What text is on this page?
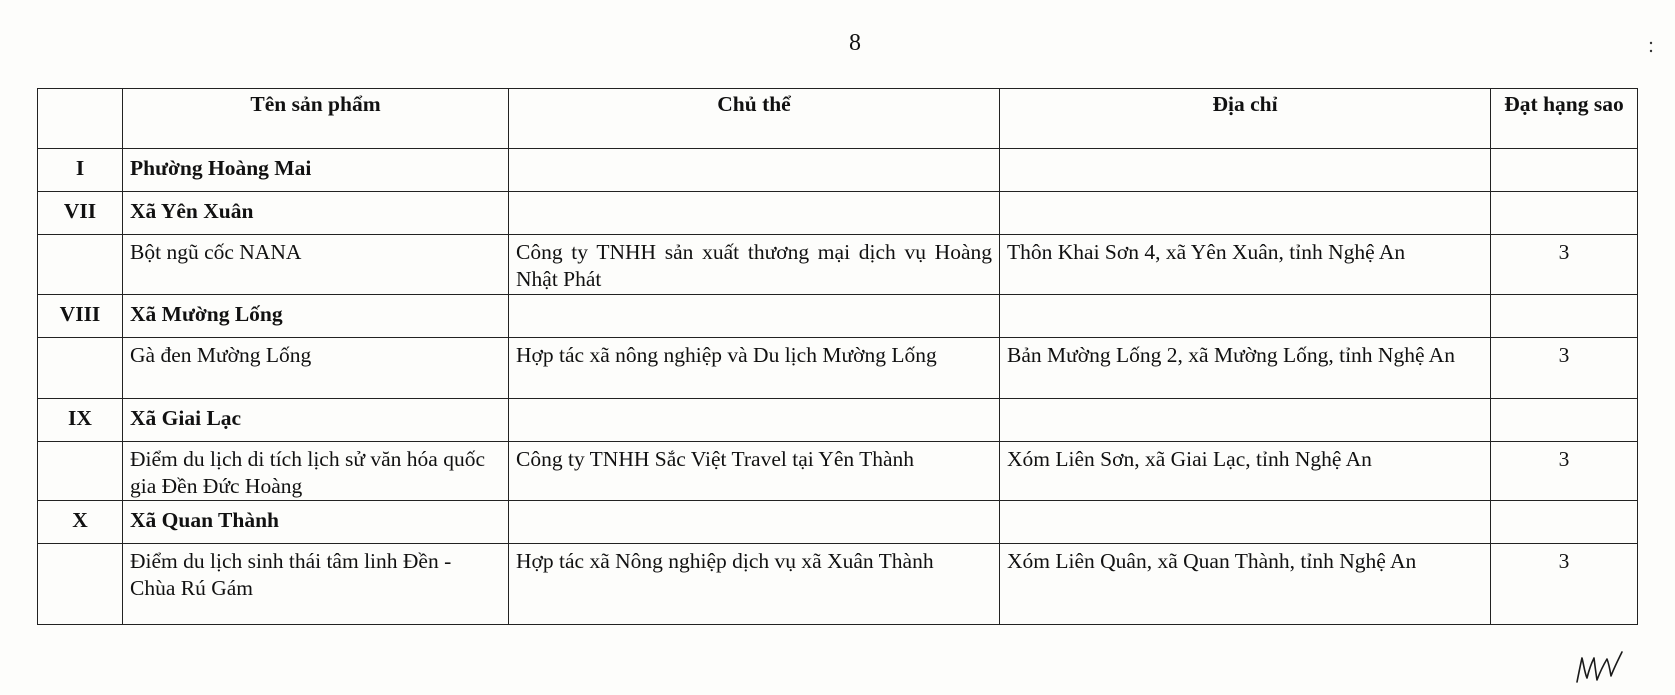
8
	Tên sản phẩm	Chủ thể	Địa chỉ	Đạt hạng sao
I	Phường Hoàng Mai			
VII	Xã Yên Xuân			
	Bột ngũ cốc NANA	Công ty TNHH sản xuất thương mại dịch vụ Hoàng Nhật Phát	Thôn Khai Sơn 4, xã Yên Xuân, tỉnh Nghệ An	3
VIII	Xã Mường Lống			
	Gà đen Mường Lống	Hợp tác xã nông nghiệp và Du lịch Mường Lống	Bản Mường Lống 2, xã Mường Lống, tỉnh Nghệ An	3
IX	Xã Giai Lạc			
	Điểm du lịch di tích lịch sử văn hóa quốc gia Đền Đức Hoàng	Công ty TNHH Sắc Việt Travel tại Yên Thành	Xóm Liên Sơn, xã Giai Lạc, tỉnh Nghệ An	3
X	Xã Quan Thành			
	Điểm du lịch sinh thái tâm linh Đền - Chùa Rú Gám	Hợp tác xã Nông nghiệp dịch vụ xã Xuân Thành	Xóm Liên Quân, xã Quan Thành, tỉnh Nghệ An	3
